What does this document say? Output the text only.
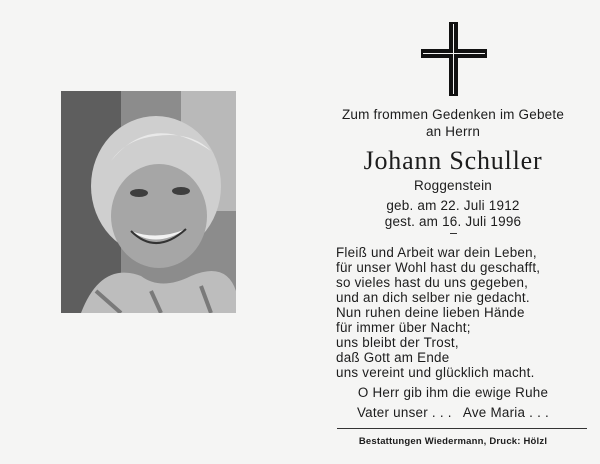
Zum frommen Gedenken im Gebete
an Herrn
Johann Schuller
Roggenstein
geb. am 22. Juli 1912
gest. am 16. Juli 1996
Fleiß und Arbeit war dein Leben,
für unser Wohl hast du geschafft,
so vieles hast du uns gegeben,
und an dich selber nie gedacht.
Nun ruhen deine lieben Hände
für immer über Nacht;
uns bleibt der Trost,
daß Gott am Ende
uns vereint und glücklich macht.
O Herr gib ihm die ewige Ruhe
Vater unser . . .   Ave Maria . . .
Bestattungen Wiedermann, Druck: Hölzl
